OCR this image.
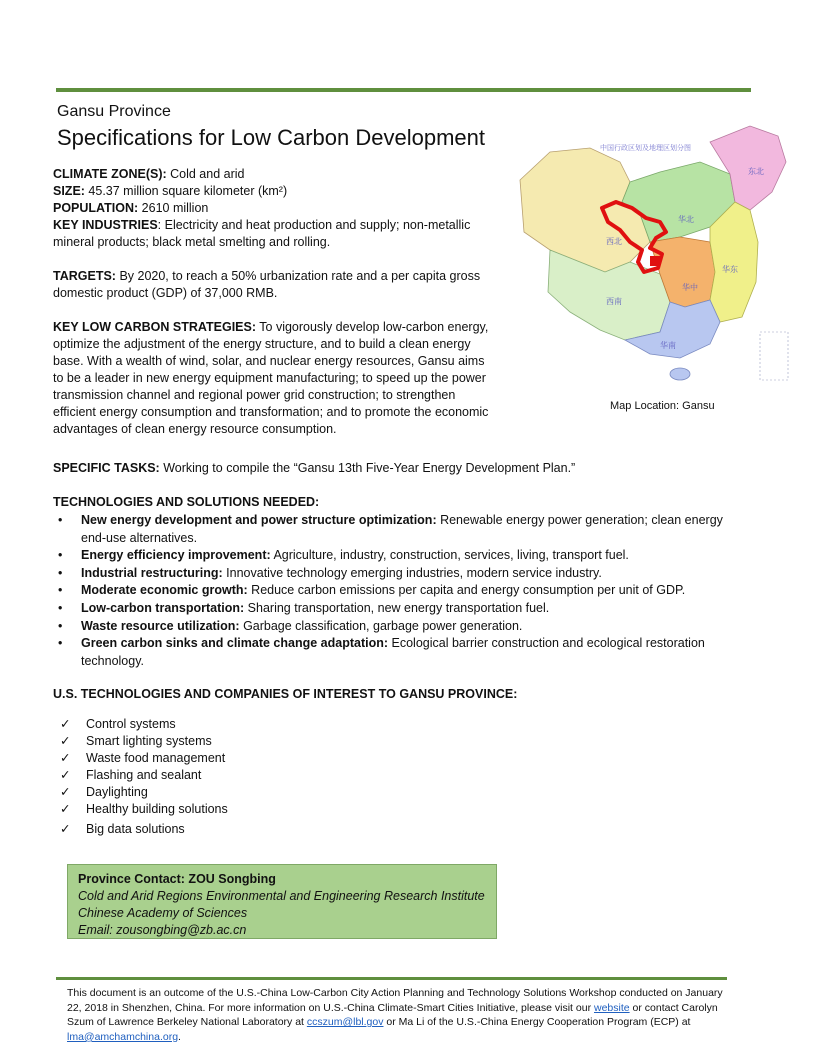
Gansu Province
Specifications for Low Carbon Development
CLIMATE ZONE(S): Cold and arid
SIZE: 45.37 million square kilometer (km²)
POPULATION: 2610 million
KEY INDUSTRIES: Electricity and heat production and supply; non-metallic mineral products; black metal smelting and rolling.
TARGETS: By 2020, to reach a 50% urbanization rate and a per capita gross domestic product (GDP) of 37,000 RMB.
KEY LOW CARBON STRATEGIES: To vigorously develop low-carbon energy, optimize the adjustment of the energy structure, and to build a clean energy base. With a wealth of wind, solar, and nuclear energy resources, Gansu aims to be a leader in new energy equipment manufacturing; to speed up the power transmission channel and regional power grid construction; to strengthen efficient energy consumption and transformation; and to promote the economic advantages of clean energy resource consumption.
中国行政区划及地理区划分图
东北
华北
西北
华东
华中
西南
华南
Map Location: Gansu
SPECIFIC TASKS: Working to compile the “Gansu 13th Five-Year Energy Development Plan.”
TECHNOLOGIES AND SOLUTIONS NEEDED:
• New energy development and power structure optimization: Renewable energy power generation; clean energy end-use alternatives.
• Energy efficiency improvement: Agriculture, industry, construction, services, living, transport fuel.
• Industrial restructuring: Innovative technology emerging industries, modern service industry.
• Moderate economic growth: Reduce carbon emissions per capita and energy consumption per unit of GDP.
• Low-carbon transportation: Sharing transportation, new energy transportation fuel.
• Waste resource utilization: Garbage classification, garbage power generation.
• Green carbon sinks and climate change adaptation: Ecological barrier construction and ecological restoration technology.
U.S. TECHNOLOGIES AND COMPANIES OF INTEREST TO GANSU PROVINCE:
✓ Control systems
✓ Smart lighting systems
✓ Waste food management
✓ Flashing and sealant
✓ Daylighting
✓ Healthy building solutions
✓ Big data solutions
Province Contact: ZOU Songbing
Cold and Arid Regions Environmental and Engineering Research Institute
Chinese Academy of Sciences
Email: zousongbing@zb.ac.cn
This document is an outcome of the U.S.-China Low-Carbon City Action Planning and Technology Solutions Workshop conducted on January 22, 2018 in Shenzhen, China. For more information on U.S.-China Climate-Smart Cities Initiative, please visit our website or contact Carolyn Szum of Lawrence Berkeley National Laboratory at ccszum@lbl.gov or Ma Li of the U.S.-China Energy Cooperation Program (ECP) at lma@amchamchina.org.
